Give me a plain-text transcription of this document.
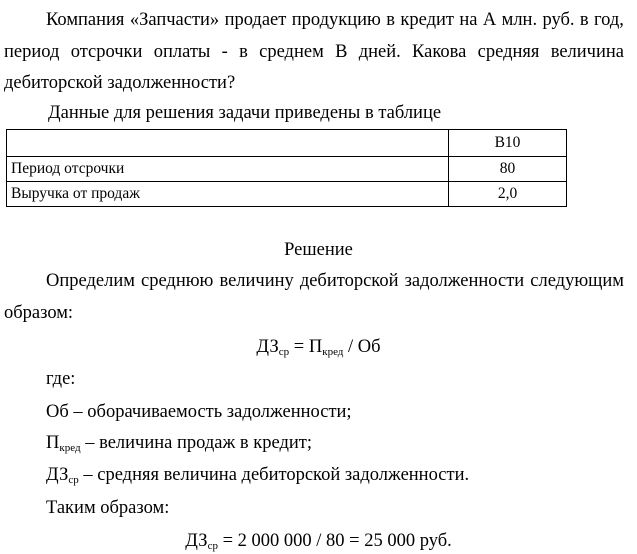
Компания «Запчасти» продает продукцию в кредит на А млн. руб. в год,
период отсрочки оплаты - в среднем В дней. Какова средняя величина
дебиторской задолженности?
Данные для решения задачи приведены в таблице
	В10
Период отсрочки	80
Выручка от продаж	2,0
Решение
Определим среднюю величину дебиторской задолженности следующим
образом:
$ДЗ_{ср} = П_{кред}$ / Об
где:
Об – оборачиваемость задолженности;
$П_{кред}$ – величина продаж в кредит;
$ДЗ_{ср}$ – средняя величина дебиторской задолженности.
Таким образом:
$ДЗ_{ср} = 2$ 000 000 / 80 = 25 000 руб.
